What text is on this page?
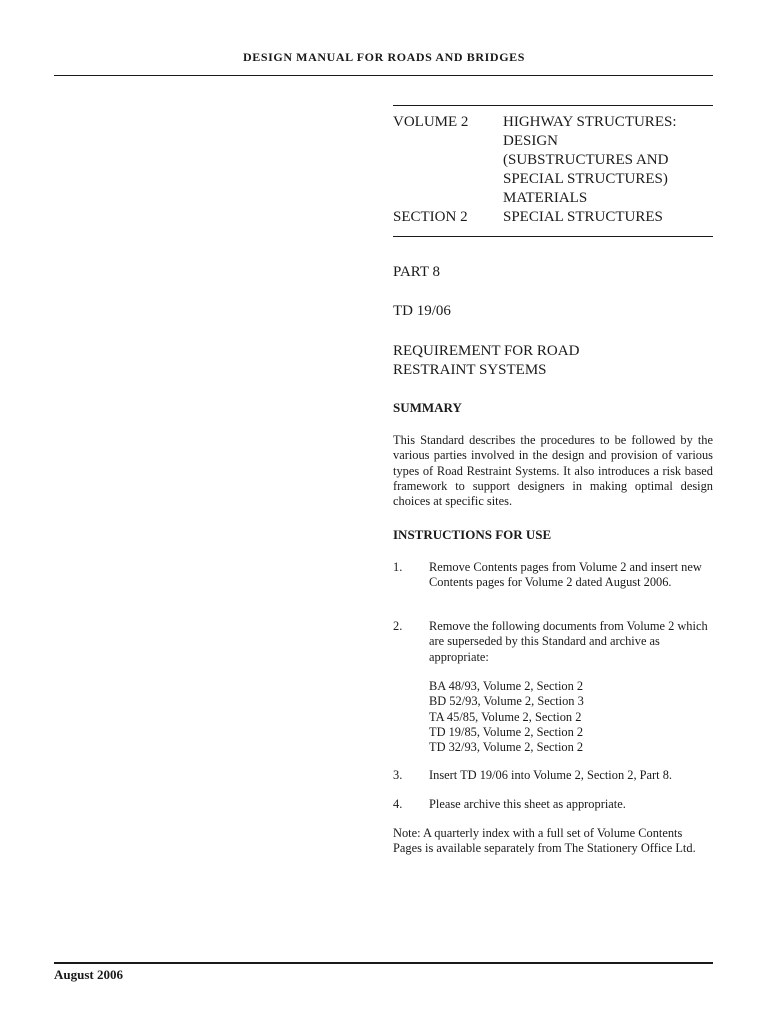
DESIGN MANUAL FOR ROADS AND BRIDGES
VOLUME 2	HIGHWAY STRUCTURES:
DESIGN
(SUBSTRUCTURES AND
SPECIAL STRUCTURES)
MATERIALS
SECTION 2	SPECIAL STRUCTURES
PART 8
TD 19/06
REQUIREMENT FOR ROAD
RESTRAINT SYSTEMS
SUMMARY
This Standard describes the procedures to be followed by the various parties involved in the design and provision of various types of Road Restraint Systems. It also introduces a risk based framework to support designers in making optimal design choices at specific sites.
INSTRUCTIONS FOR USE
1.	Remove Contents pages from Volume 2 and insert new Contents pages for Volume 2 dated August 2006.
2.	Remove the following documents from Volume 2 which are superseded by this Standard and archive as appropriate:
BA 48/93, Volume 2, Section 2
BD 52/93, Volume 2, Section 3
TA 45/85, Volume 2, Section 2
TD 19/85, Volume 2, Section 2
TD 32/93, Volume 2, Section 2
3.	Insert TD 19/06 into Volume 2, Section 2, Part 8.
4.	Please archive this sheet as appropriate.
Note: A quarterly index with a full set of Volume Contents Pages is available separately from The Stationery Office Ltd.
August 2006
